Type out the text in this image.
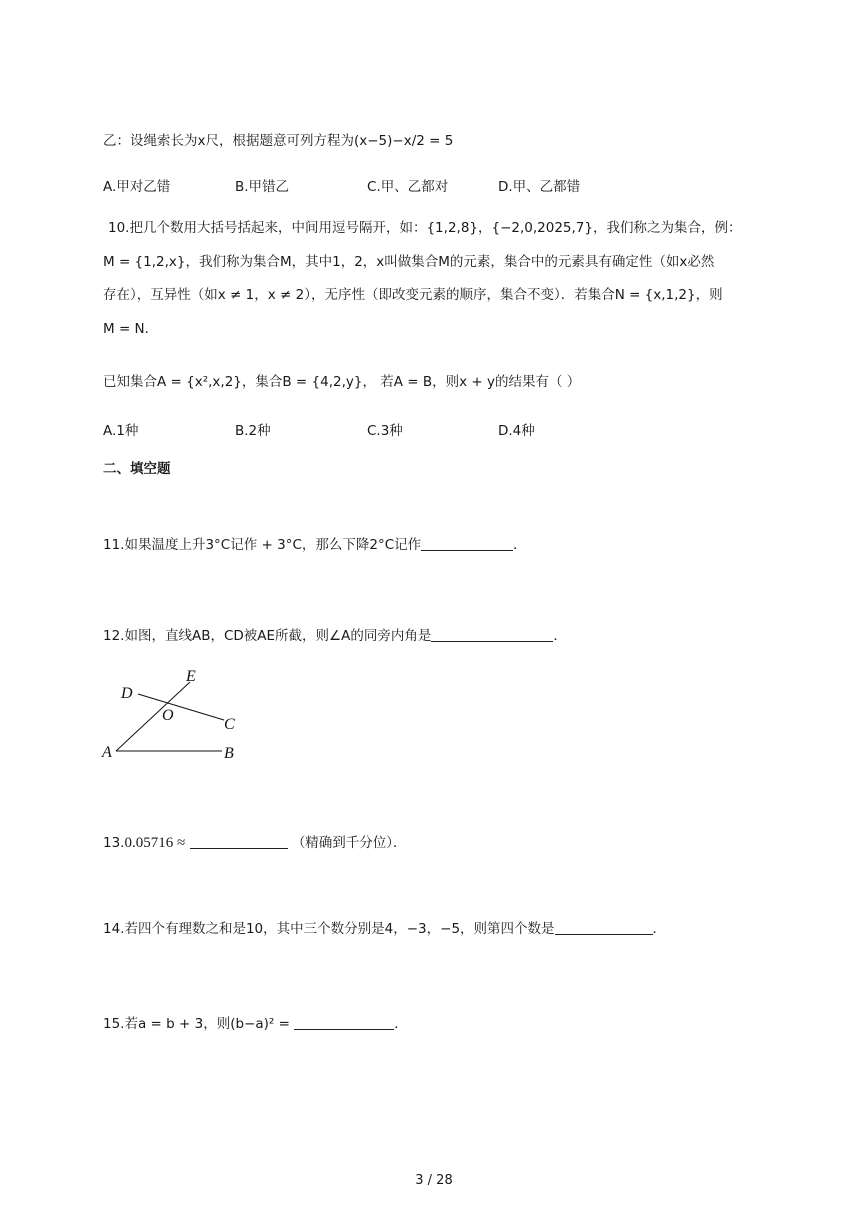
乙：设绳索长为x尺，根据题意可列方程为(x−5)−x/2 = 5
A.甲对乙错	B.甲错乙	C.甲、乙都对	D.甲、乙都错
10.把几个数用大括号括起来，中间用逗号隔开，如：{1,2,8}，{−2,0,2025,7}，我们称之为集合，例：
M = {1,2,x}，我们称为集合M，其中1，2，x叫做集合M的元素，集合中的元素具有确定性（如x必然
存在），互异性（如x ≠ 1，x ≠ 2），无序性（即改变元素的顺序，集合不变）．若集合N = {x,1,2}，则
M = N．
已知集合A = {x²,x,2}，集合B = {4,2,y}， 若A = B，则x + y的结果有（ ）
A.1种	B.2种	C.3种	D.4种
二、填空题
11.如果温度上升3°C记作 + 3°C，那么下降2°C记作	．
12.如图，直线AB，CD被AE所截，则∠A的同旁内角是	．
E
D
O
C
A	B
13.0.05716 ≈	（精确到千分位）．
14.若四个有理数之和是10，其中三个数分别是4，−3，−5，则第四个数是	．
15.若a = b + 3，则(b−a)² =	．
3 / 28
